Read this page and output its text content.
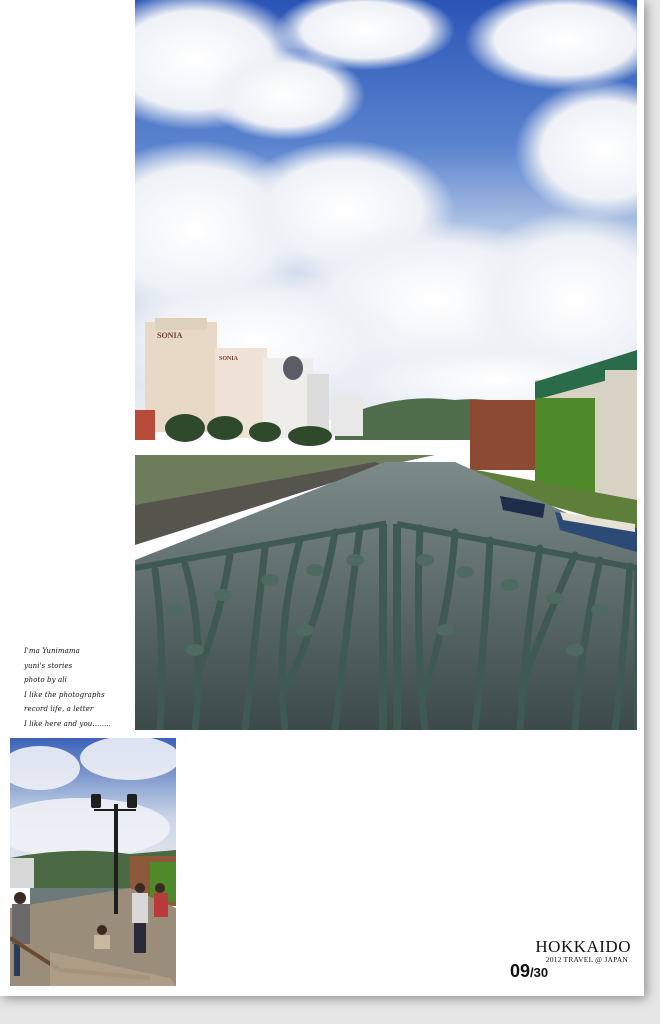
SONIA
SONIA
I'ma Yunimama
yuni's stories
photo by ali
I like the photographs
record life, a letter
I like here and you........
HOKKAIDO
2012 TRAVEL @ JAPAN
09/30
